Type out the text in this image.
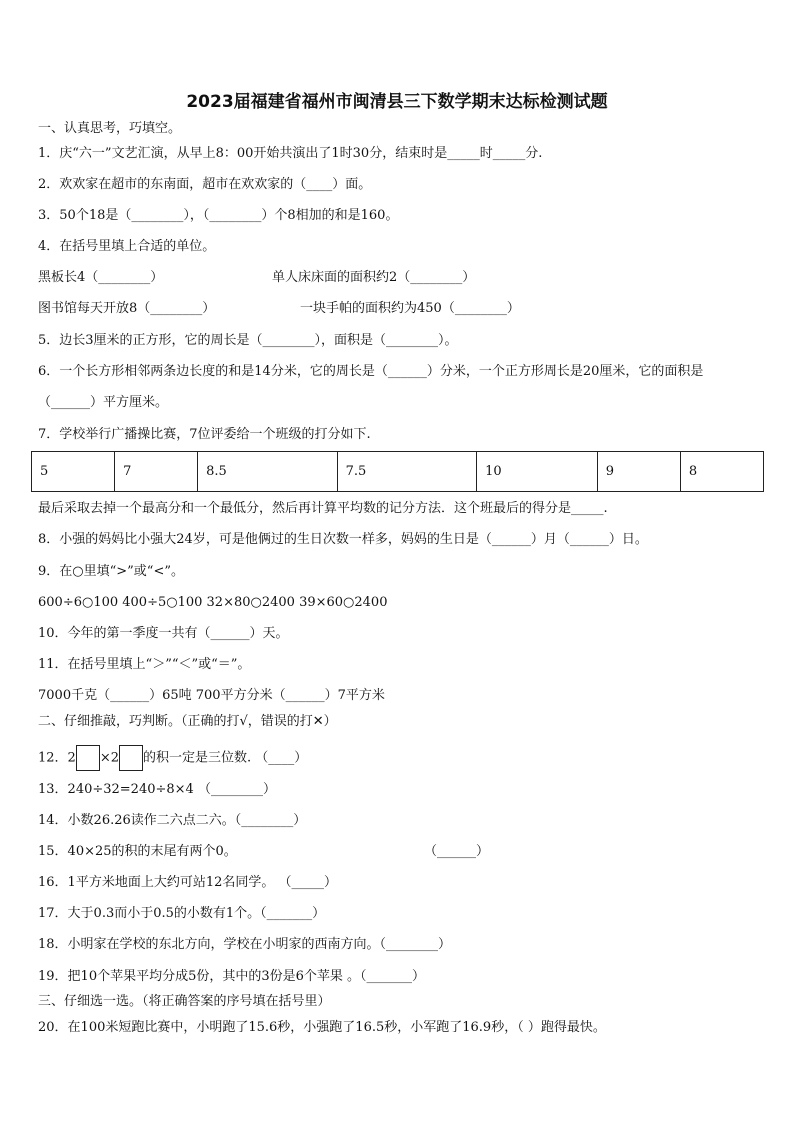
2023届福建省福州市闽清县三下数学期末达标检测试题
一、认真思考，巧填空。
1．庆“六一”文艺汇演，从早上8：00开始共演出了1时30分，结束时是_____时_____分.
2．欢欢家在超市的东南面，超市在欢欢家的（____）面。
3．50个18是（________），（________）个8相加的和是160。
4．在括号里填上合适的单位。
黑板长4（________）	单人床床面的面积约2（________）
图书馆每天开放8（________）	一块手帕的面积约为450（________）
5．边长3厘米的正方形，它的周长是（________），面积是（________）。
6．一个长方形相邻两条边长度的和是14分米，它的周长是（______）分米，一个正方形周长是20厘米，它的面积是
（______）平方厘米。
7．学校举行广播操比赛，7位评委给一个班级的打分如下.
5	7	8.5	7.5	10	9	8
最后采取去掉一个最高分和一个最低分，然后再计算平均数的记分方法．这个班最后的得分是_____.
8．小强的妈妈比小强大24岁，可是他俩过的生日次数一样多，妈妈的生日是（______）月（______）日。
9．在○里填“>”或“<”。
600÷6○100 400÷5○100 32×80○2400 39×60○2400
10．今年的第一季度一共有（______）天。
11．在括号里填上“＞”“＜”或“＝”。
7000千克（______）65吨 700平方分米（______）7平方米
二、仔细推敲，巧判断。（正确的打√，错误的打✕）
12．2 ×2 的积一定是三位数. （____）
13．240÷32=240÷8×4 （________）
14．小数26.26读作二六点二六。（________）
15．40×25的积的末尾有两个0。	（______）
16．1平方米地面上大约可站12名同学。 （_____）
17．大于0.3而小于0.5的小数有1个。（_______）
18．小明家在学校的东北方向，学校在小明家的西南方向。（________）
19．把10个苹果平均分成5份，其中的3份是6个苹果 。（_______）
三、仔细选一选。（将正确答案的序号填在括号里）
20．在100米短跑比赛中，小明跑了15.6秒，小强跑了16.5秒，小军跑了16.9秒，（ ）跑得最快。
